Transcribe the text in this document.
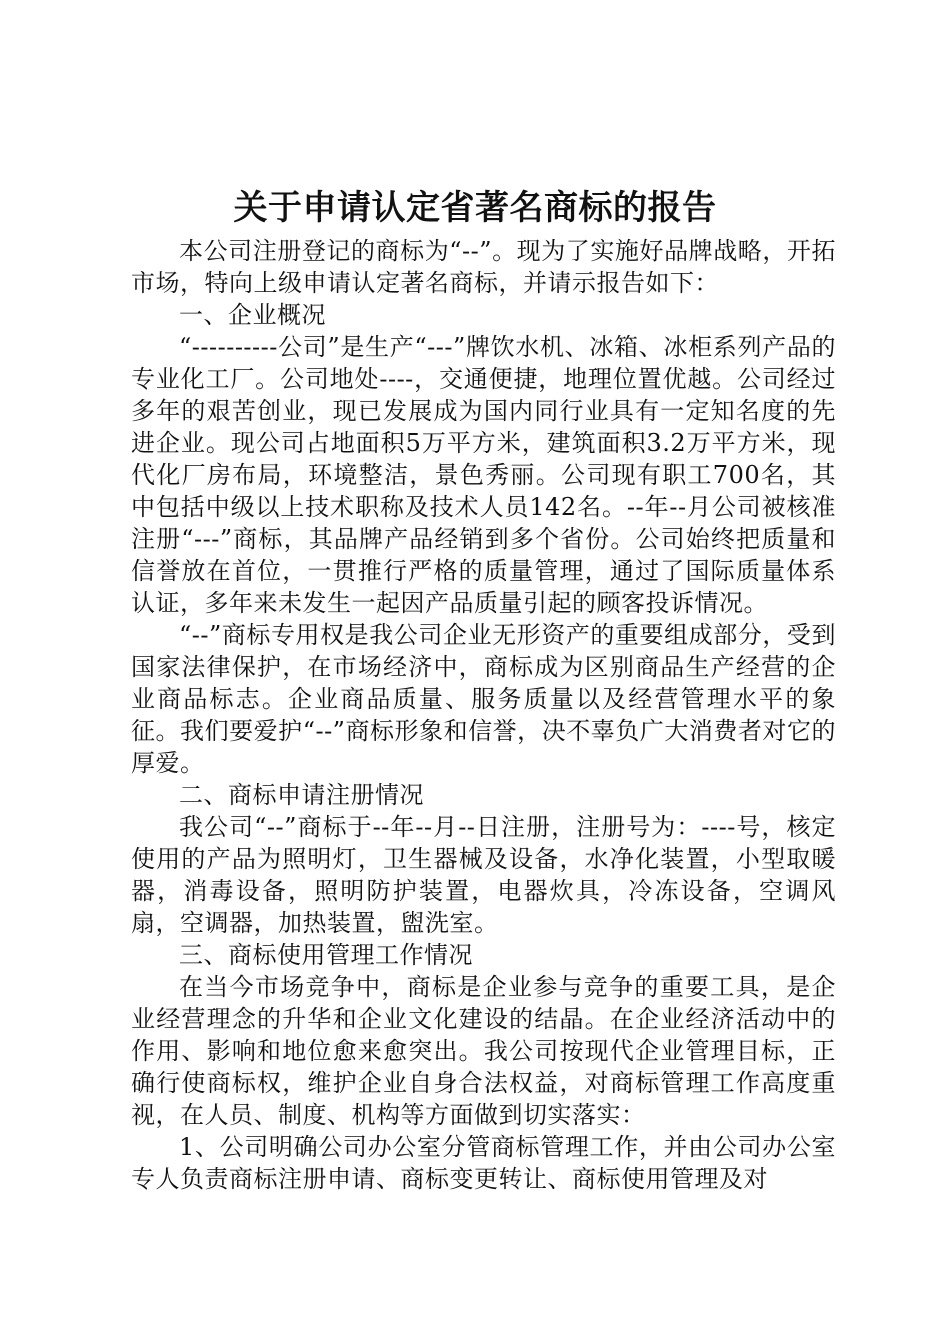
关于申请认定省著名商标的报告

本公司注册登记的商标为“--”。现为了实施好品牌战略，开拓市场，特向上级申请认定著名商标，并请示报告如下：

一、企业概况

“----------公司”是生产“---”牌饮水机、冰箱、冰柜系列产品的专业化工厂。公司地处----，交通便捷，地理位置优越。公司经过多年的艰苦创业，现已发展成为国内同行业具有一定知名度的先进企业。现公司占地面积5万平方米，建筑面积3.2万平方米，现代化厂房布局，环境整洁，景色秀丽。公司现有职工700名，其中包括中级以上技术职称及技术人员142名。--年--月公司被核准注册“---”商标，其品牌产品经销到多个省份。公司始终把质量和信誉放在首位，一贯推行严格的质量管理，通过了国际质量体系认证，多年来未发生一起因产品质量引起的顾客投诉情况。

“--”商标专用权是我公司企业无形资产的重要组成部分，受到国家法律保护，在市场经济中，商标成为区别商品生产经营的企业商品标志。企业商品质量、服务质量以及经营管理水平的象征。我们要爱护“--”商标形象和信誉，决不辜负广大消费者对它的厚爱。

二、商标申请注册情况

我公司“--”商标于--年--月--日注册，注册号为：----号，核定使用的产品为照明灯，卫生器械及设备，水净化装置，小型取暖器，消毒设备，照明防护装置，电器炊具，冷冻设备，空调风扇，空调器，加热装置，盥洗室。

三、商标使用管理工作情况

在当今市场竞争中，商标是企业参与竞争的重要工具，是企业经营理念的升华和企业文化建设的结晶。在企业经济活动中的作用、影响和地位愈来愈突出。我公司按现代企业管理目标，正确行使商标权，维护企业自身合法权益，对商标管理工作高度重视，在人员、制度、机构等方面做到切实落实：

1、公司明确公司办公室分管商标管理工作，并由公司办公室专人负责商标注册申请、商标变更转让、商标使用管理及对
